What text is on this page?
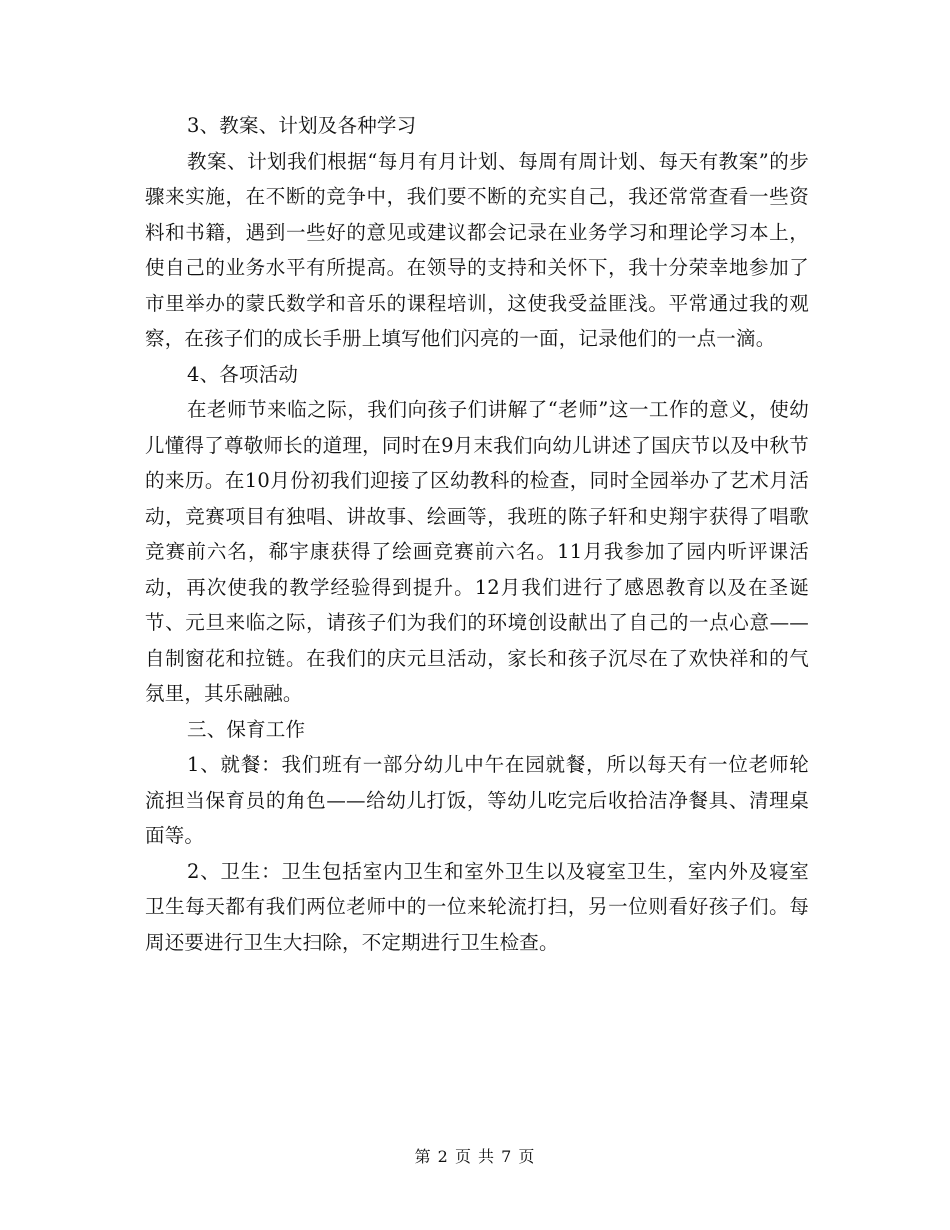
3、教案、计划及各种学习

教案、计划我们根据“每月有月计划、每周有周计划、每天有教案”的步骤来实施，在不断的竞争中，我们要不断的充实自己，我还常常查看一些资料和书籍，遇到一些好的意见或建议都会记录在业务学习和理论学习本上，使自己的业务水平有所提高。在领导的支持和关怀下，我十分荣幸地参加了市里举办的蒙氏数学和音乐的课程培训，这使我受益匪浅。平常通过我的观察，在孩子们的成长手册上填写他们闪亮的一面，记录他们的一点一滴。

4、各项活动

在老师节来临之际，我们向孩子们讲解了“老师”这一工作的意义，使幼儿懂得了尊敬师长的道理，同时在9月末我们向幼儿讲述了国庆节以及中秋节的来历。在10月份初我们迎接了区幼教科的检查，同时全园举办了艺术月活动，竞赛项目有独唱、讲故事、绘画等，我班的陈子轩和史翔宇获得了唱歌竞赛前六名，郗宇康获得了绘画竞赛前六名。11月我参加了园内听评课活动，再次使我的教学经验得到提升。12月我们进行了感恩教育以及在圣诞节、元旦来临之际，请孩子们为我们的环境创设献出了自己的一点心意——自制窗花和拉链。在我们的庆元旦活动，家长和孩子沉尽在了欢快祥和的气氛里，其乐融融。

三、保育工作

1、就餐：我们班有一部分幼儿中午在园就餐，所以每天有一位老师轮流担当保育员的角色——给幼儿打饭，等幼儿吃完后收拾洁净餐具、清理桌面等。

2、卫生：卫生包括室内卫生和室外卫生以及寝室卫生，室内外及寝室卫生每天都有我们两位老师中的一位来轮流打扫，另一位则看好孩子们。每周还要进行卫生大扫除，不定期进行卫生检查。

第 2 页 共 7 页
